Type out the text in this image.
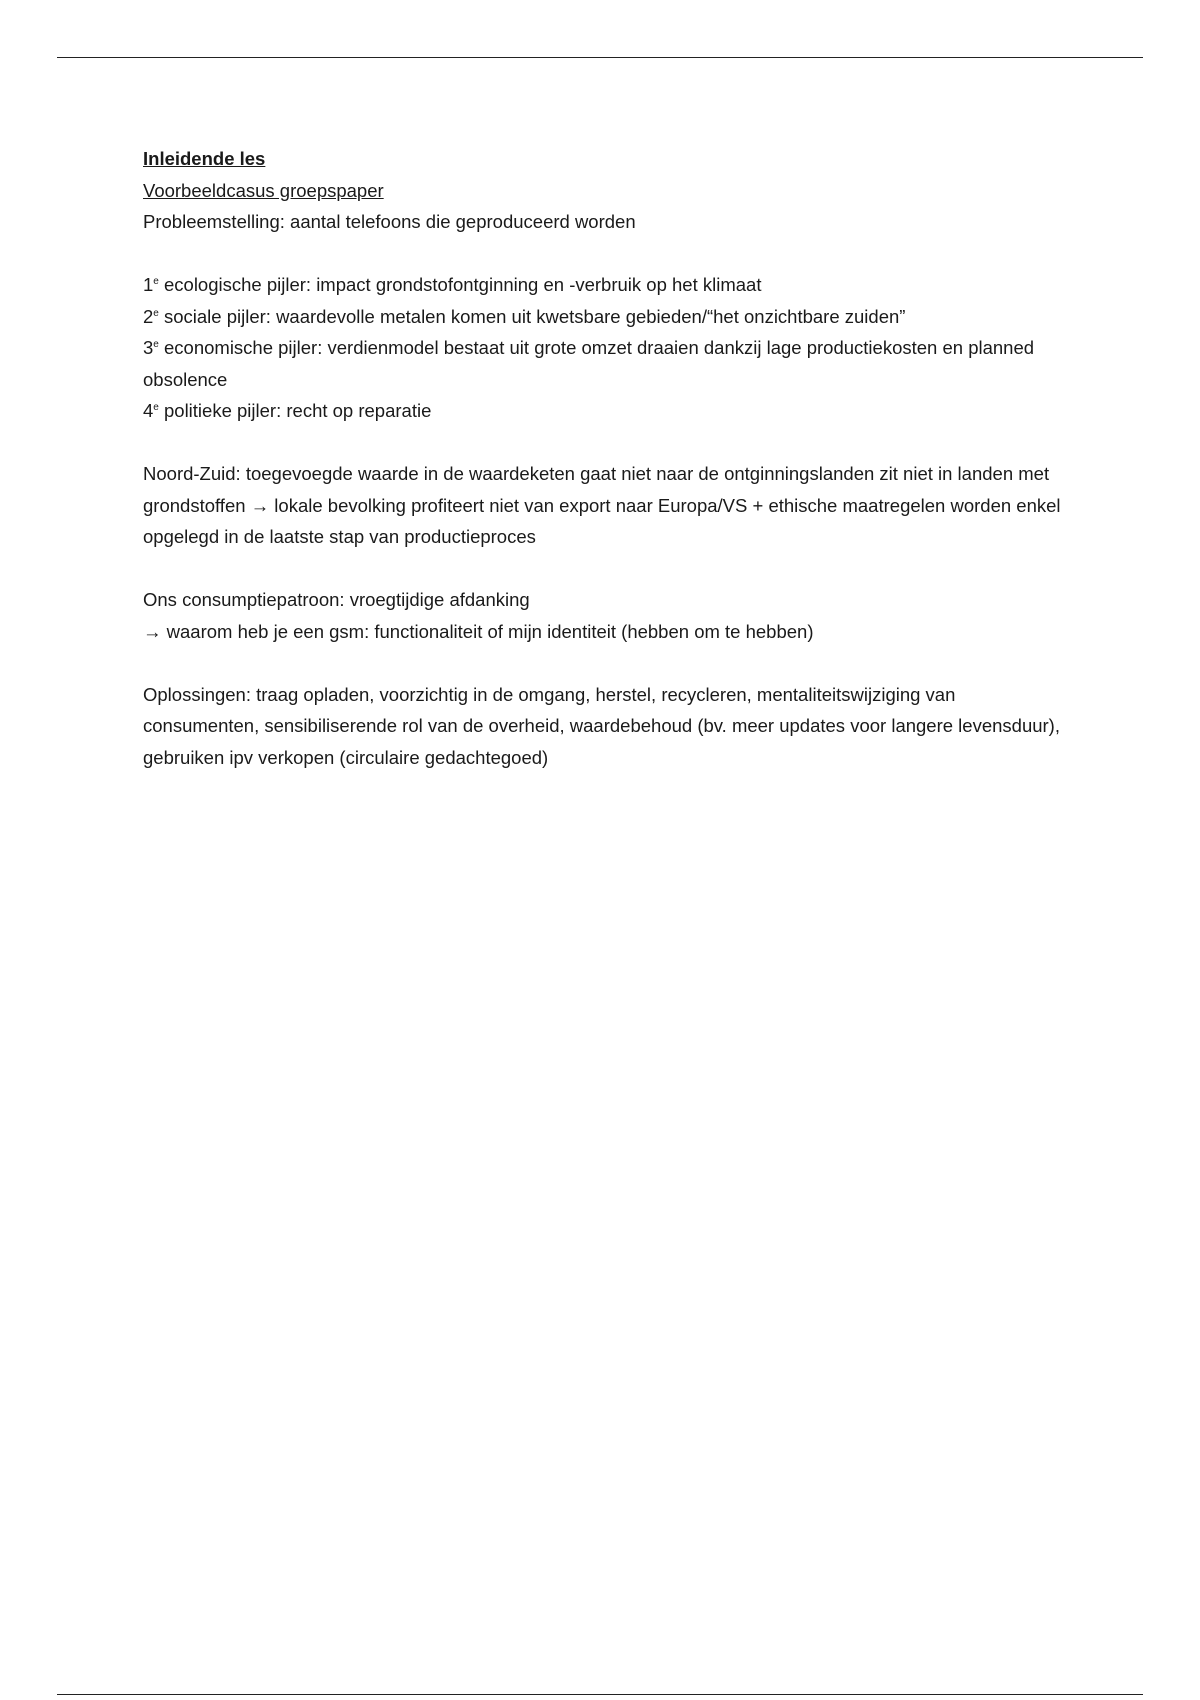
Inleidende les

Voorbeeldcasus groepspaper

Probleemstelling: aantal telefoons die geproduceerd worden

1e ecologische pijler: impact grondstofontginning en -verbruik op het klimaat

2e sociale pijler: waardevolle metalen komen uit kwetsbare gebieden/“het onzichtbare zuiden”

3e economische pijler: verdienmodel bestaat uit grote omzet draaien dankzij lage productiekosten en planned obsolence

4e politieke pijler: recht op reparatie

Noord-Zuid: toegevoegde waarde in de waardeketen gaat niet naar de ontginningslanden zit niet in landen met grondstoffen → lokale bevolking profiteert niet van export naar Europa/VS + ethische maatregelen worden enkel opgelegd in de laatste stap van productieproces

Ons consumptiepatroon: vroegtijdige afdanking

→ waarom heb je een gsm: functionaliteit of mijn identiteit (hebben om te hebben)

Oplossingen: traag opladen, voorzichtig in de omgang, herstel, recycleren, mentaliteitswijziging van consumenten, sensibiliserende rol van de overheid, waardebehoud (bv. meer updates voor langere levensduur), gebruiken ipv verkopen (circulaire gedachtegoed)
